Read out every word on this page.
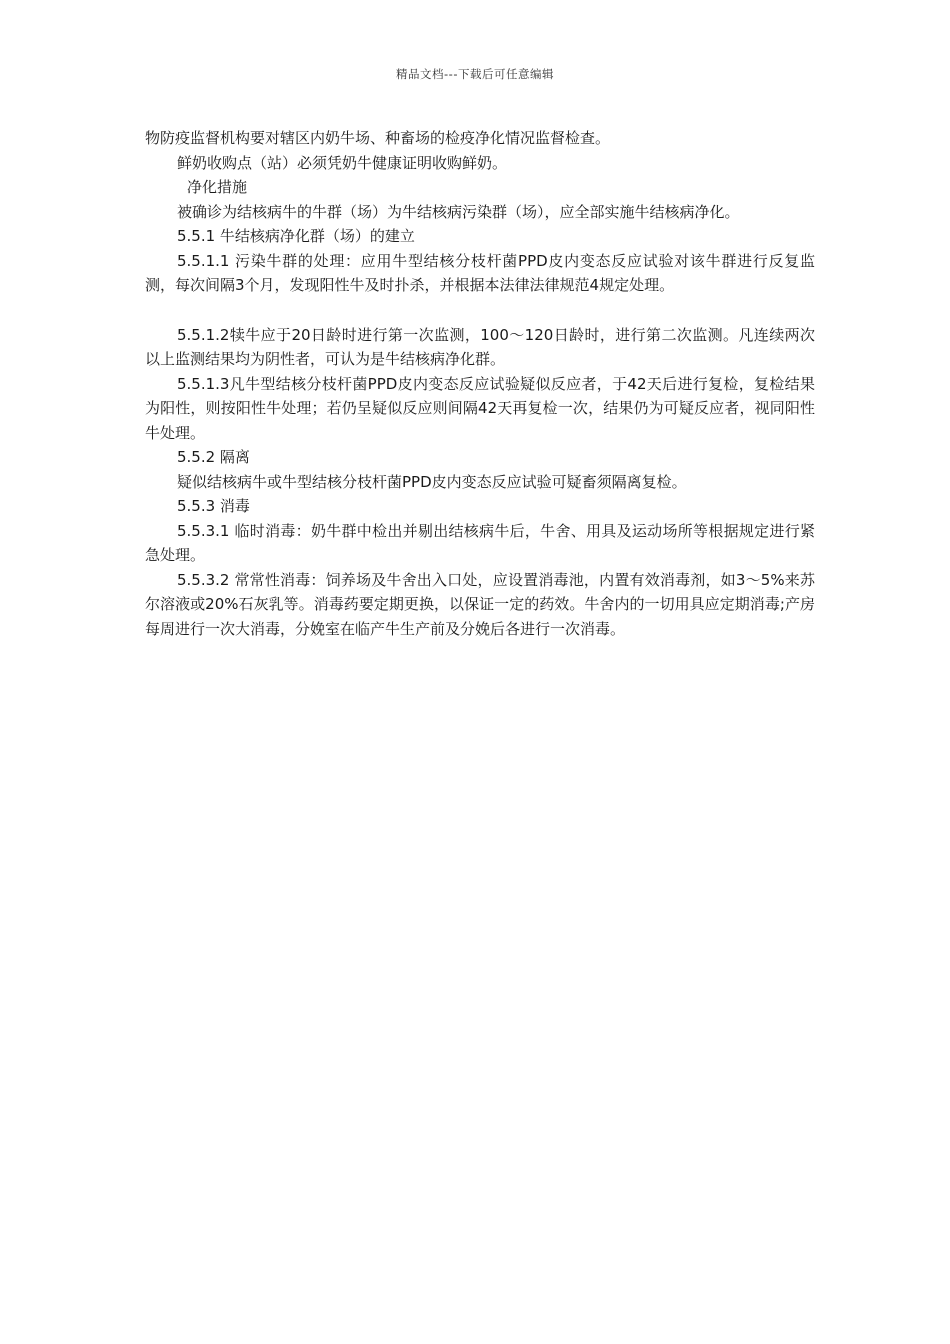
精品文档---下载后可任意编辑

物防疫监督机构要对辖区内奶牛场、种畜场的检疫净化情况监督检查。

鲜奶收购点（站）必须凭奶牛健康证明收购鲜奶。

净化措施

被确诊为结核病牛的牛群（场）为牛结核病污染群（场），应全部实施牛结核病净化。

5.5.1 牛结核病净化群（场）的建立

5.5.1.1 污染牛群的处理：应用牛型结核分枝杆菌PPD皮内变态反应试验对该牛群进行反复监测，每次间隔3个月，发现阳性牛及时扑杀，并根据本法律法律规范4规定处理。

5.5.1.2犊牛应于20日龄时进行第一次监测，100～120日龄时，进行第二次监测。凡连续两次以上监测结果均为阴性者，可认为是牛结核病净化群。

5.5.1.3凡牛型结核分枝杆菌PPD皮内变态反应试验疑似反应者，于42天后进行复检，复检结果为阳性，则按阳性牛处理；若仍呈疑似反应则间隔42天再复检一次，结果仍为可疑反应者，视同阳性牛处理。

5.5.2 隔离

疑似结核病牛或牛型结核分枝杆菌PPD皮内变态反应试验可疑畜须隔离复检。

5.5.3 消毒

5.5.3.1 临时消毒：奶牛群中检出并剔出结核病牛后，牛舍、用具及运动场所等根据规定进行紧急处理。

5.5.3.2 常常性消毒：饲养场及牛舍出入口处，应设置消毒池，内置有效消毒剂，如3～5%来苏尔溶液或20%石灰乳等。消毒药要定期更换，以保证一定的药效。牛舍内的一切用具应定期消毒;产房每周进行一次大消毒，分娩室在临产牛生产前及分娩后各进行一次消毒。
